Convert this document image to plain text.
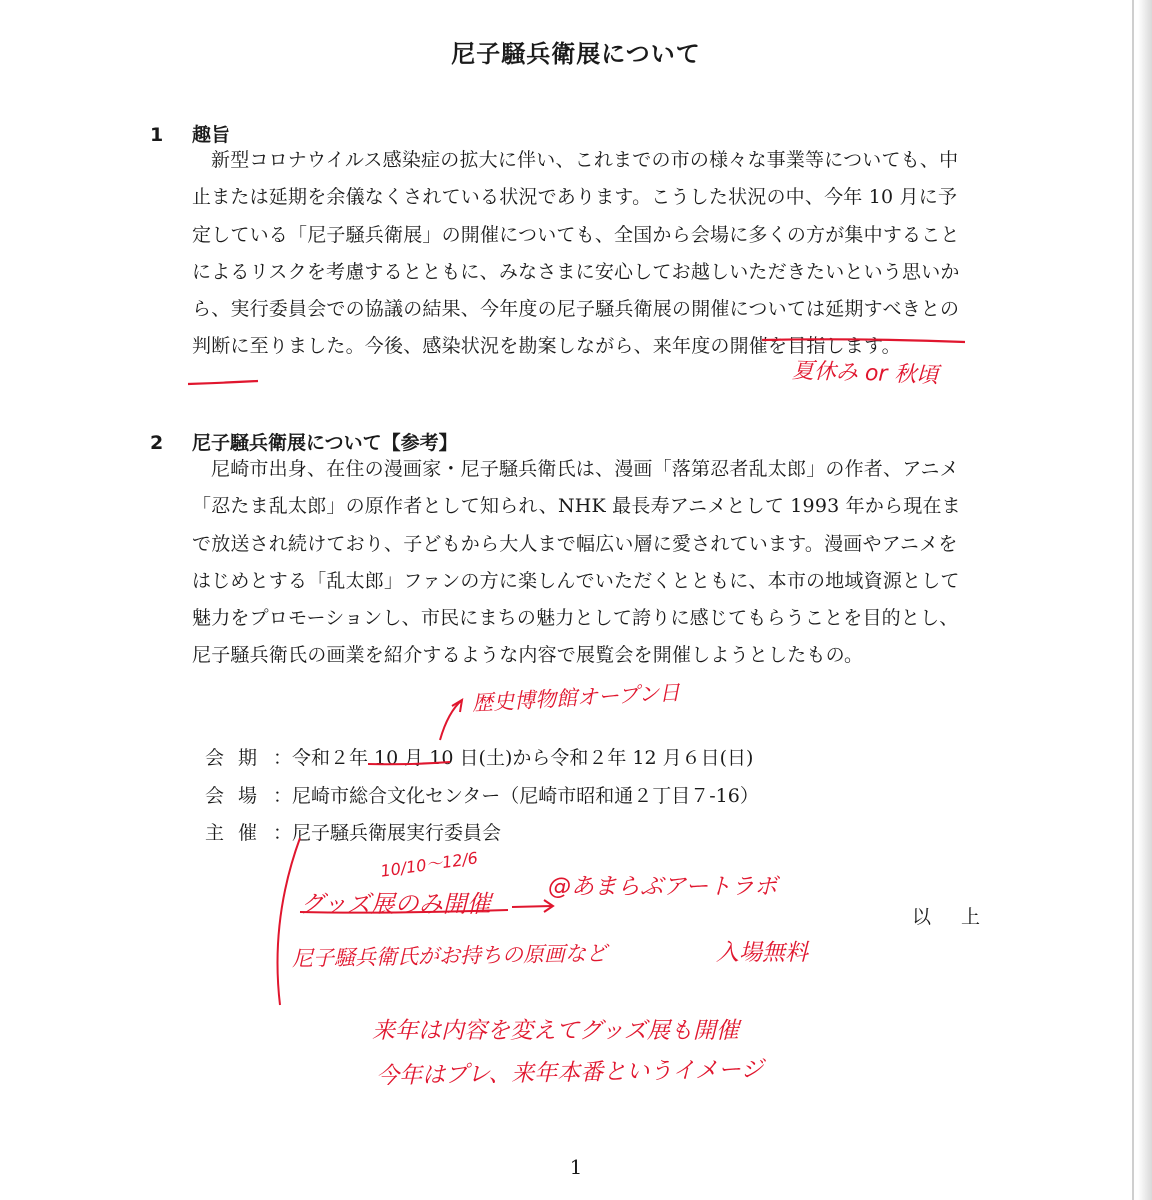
尼子騒兵衛展について
1 趣旨

新型コロナウイルス感染症の拡大に伴い、これまでの市の様々な事業等についても、中止または延期を余儀なくされている状況であります。こうした状況の中、今年 10 月に予定している「尼子騒兵衛展」の開催についても、全国から会場に多くの方が集中することによるリスクを考慮するとともに、みなさまに安心してお越しいただきたいという思いから、実行委員会での協議の結果、今年度の尼子騒兵衛展の開催については延期すべきとの判断に至りました。今後、感染状況を勘案しながら、来年度の開催を目指します。

2 尼子騒兵衛展について【参考】

尼崎市出身、在住の漫画家・尼子騒兵衛氏は、漫画「落第忍者乱太郎」の作者、アニメ「忍たま乱太郎」の原作者として知られ、NHK 最長寿アニメとして 1993 年から現在まで放送され続けており、子どもから大人まで幅広い層に愛されています。漫画やアニメをはじめとする「乱太郎」ファンの方に楽しんでいただくとともに、本市の地域資源として魅力をプロモーションし、市民にまちの魅力として誇りに感じてもらうことを目的とし、尼子騒兵衛氏の画業を紹介するような内容で展覧会を開催しようとしたもの。

会期 ：令和２年 10 月 10 日(土)から令和２年 12 月６日(日)
会場 ：尼崎市総合文化センター（尼崎市昭和通２丁目７-16）
主催 ：尼子騒兵衛展実行委員会
以 上
1
夏休み or 秋頃
歴史博物館オープン日
10/10〜12/6
グッズ展のみ開催
@あまらぶアートラボ
尼子騒兵衛氏がお持ちの原画など	入場無料
来年は内容を変えてグッズ展も開催
今年はプレ、来年本番というイメージ
